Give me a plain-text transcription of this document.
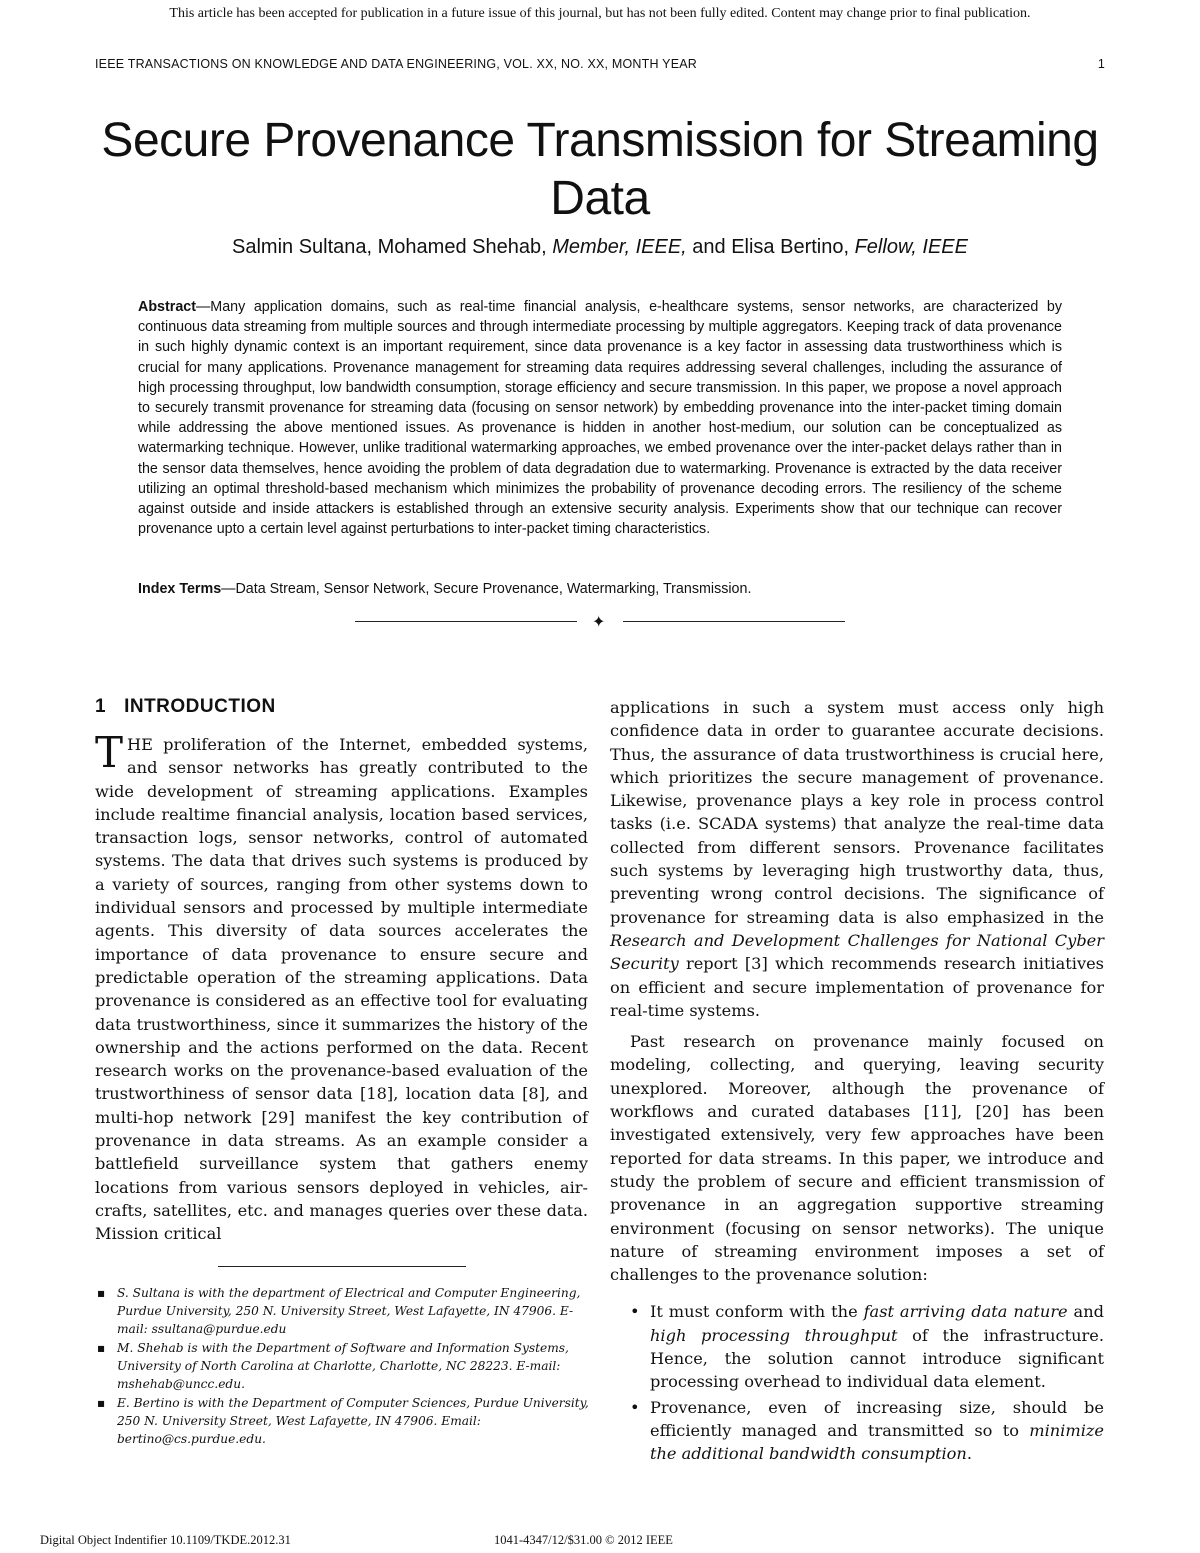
This article has been accepted for publication in a future issue of this journal, but has not been fully edited. Content may change prior to final publication.
IEEE TRANSACTIONS ON KNOWLEDGE AND DATA ENGINEERING, VOL. XX, NO. XX, MONTH YEAR	1
Secure Provenance Transmission for Streaming Data
Salmin Sultana, Mohamed Shehab, Member, IEEE, and Elisa Bertino, Fellow, IEEE
Abstract—Many application domains, such as real-time financial analysis, e-healthcare systems, sensor networks, are characterized by continuous data streaming from multiple sources and through intermediate processing by multiple aggregators. Keeping track of data provenance in such highly dynamic context is an important requirement, since data provenance is a key factor in assessing data trustworthiness which is crucial for many applications. Provenance management for streaming data requires addressing several challenges, including the assurance of high processing throughput, low bandwidth consumption, storage efficiency and secure transmission. In this paper, we propose a novel approach to securely transmit provenance for streaming data (focusing on sensor network) by embedding provenance into the inter-packet timing domain while addressing the above mentioned issues. As provenance is hidden in another host-medium, our solution can be conceptualized as watermarking technique. However, unlike traditional watermarking approaches, we embed provenance over the inter-packet delays rather than in the sensor data themselves, hence avoiding the problem of data degradation due to watermarking. Provenance is extracted by the data receiver utilizing an optimal threshold-based mechanism which minimizes the probability of provenance decoding errors. The resiliency of the scheme against outside and inside attackers is established through an extensive security analysis. Experiments show that our technique can recover provenance upto a certain level against perturbations to inter-packet timing characteristics.
Index Terms—Data Stream, Sensor Network, Secure Provenance, Watermarking, Transmission.
✦
1 INTRODUCTION

THE proliferation of the Internet, embedded systems, and sensor networks has greatly contributed to the wide development of streaming applications. Examples include realtime financial analysis, location based services, transaction logs, sensor networks, control of automated systems. The data that drives such systems is produced by a variety of sources, ranging from other systems down to individual sensors and processed by multiple intermediate agents. This diversity of data sources accelerates the importance of data provenance to ensure secure and predictable operation of the streaming applications. Data provenance is considered as an effective tool for evaluating data trustworthiness, since it summarizes the history of the ownership and the actions performed on the data. Recent research works on the provenance-based evaluation of the trustworthiness of sensor data [18], location data [8], and multi-hop network [29] manifest the key contribution of provenance in data streams. As an example consider a battlefield surveillance system that gathers enemy locations from various sensors deployed in vehicles, air-crafts, satellites, etc. and manages queries over these data. Mission critical

▪ S. Sultana is with the department of Electrical and Computer Engineering, Purdue University, 250 N. University Street, West Lafayette, IN 47906. E-mail: ssultana@purdue.edu
▪ M. Shehab is with the Department of Software and Information Systems, University of North Carolina at Charlotte, Charlotte, NC 28223. E-mail: mshehab@uncc.edu.
▪ E. Bertino is with the Department of Computer Sciences, Purdue University, 250 N. University Street, West Lafayette, IN 47906. Email: bertino@cs.purdue.edu.

applications in such a system must access only high confidence data in order to guarantee accurate decisions. Thus, the assurance of data trustworthiness is crucial here, which prioritizes the secure management of provenance. Likewise, provenance plays a key role in process control tasks (i.e. SCADA systems) that analyze the real-time data collected from different sensors. Provenance facilitates such systems by leveraging high trustworthy data, thus, preventing wrong control decisions. The significance of provenance for streaming data is also emphasized in the Research and Development Challenges for National Cyber Security report [3] which recommends research initiatives on efficient and secure implementation of provenance for real-time systems.

Past research on provenance mainly focused on modeling, collecting, and querying, leaving security unexplored. Moreover, although the provenance of workflows and curated databases [11], [20] has been investigated extensively, very few approaches have been reported for data streams. In this paper, we introduce and study the problem of secure and efficient transmission of provenance in an aggregation supportive streaming environment (focusing on sensor networks). The unique nature of streaming environment imposes a set of challenges to the provenance solution:

• It must conform with the fast arriving data nature and high processing throughput of the infrastructure. Hence, the solution cannot introduce significant processing overhead to individual data element.
• Provenance, even of increasing size, should be efficiently managed and transmitted so to minimize the additional bandwidth consumption.
Digital Object Indentifier 10.1109/TKDE.2012.31	1041-4347/12/$31.00 © 2012 IEEE
